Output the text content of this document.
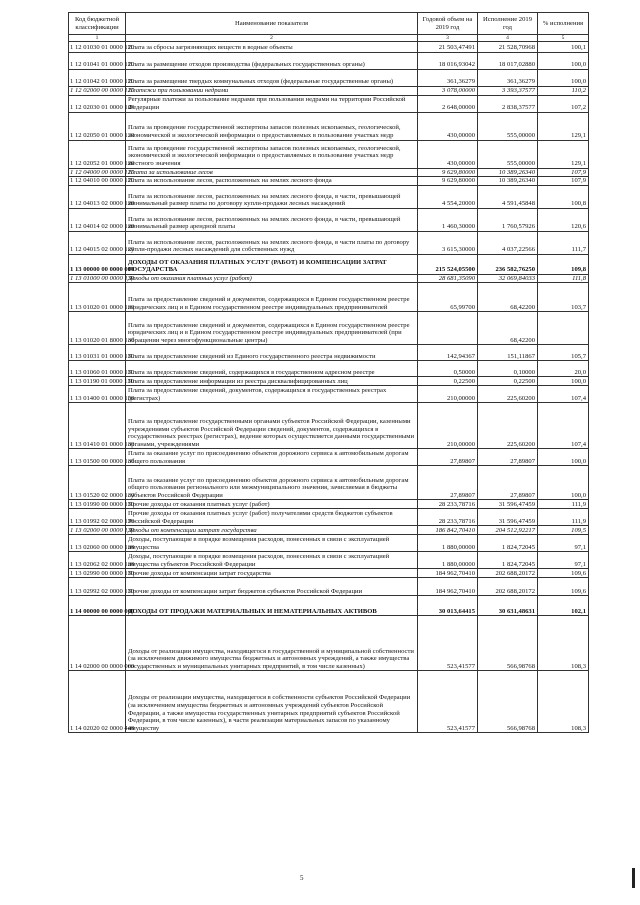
Код бюджетной классификации	Наименование показателя	Годовой объем на 2019 год	Исполнение 2019 год	% исполнения
1	2	3	4	5
1 12 01030 01 0000 120	Плата за сбросы загрязняющих веществ в водные объекты	21 503,47491	21 528,70968	100,1
1 12 01041 01 0000 120	Плата за размещение отходов производства (федеральных государственных органы)	18 016,93042	18 017,02880	100,0
1 12 01042 01 0000 120	Плата за размещение твердых коммунальных отходов (федеральные государственные органы)	361,36279	361,36279	100,0
1 12 02000 00 0000 120	Платежи при пользовании недрами	3 078,00000	3 393,37577	110,2
1 12 02030 01 0000 120	Регулярные платежи за пользование недрами при пользовании недрами на территории Российской Федерации	2 648,00000	2 838,37577	107,2
1 12 02050 01 0000 120	Плата за проведение государственной экспертизы запасов полезных ископаемых, геологической, экономической и экологической информации о предоставляемых в пользование участках недр	430,00000	555,00000	129,1
1 12 02052 01 0000 120	Плата за проведение государственной экспертизы запасов полезных ископаемых, геологической, экономической и экологической информации о предоставляемых в пользование участках недр местного значения	430,00000	555,00000	129,1
1 12 04000 00 0000 120	Плата за использование лесов	9 629,80000	10 389,26340	107,9
1 12 04010 00 0000 120	Плата за использование лесов, расположенных на землях лесного фонда	9 629,80000	10 389,26340	107,9
1 12 04013 02 0000 120	Плата за использование лесов, расположенных на землях лесного фонда, в части, превышающей минимальный размер платы по договору купли-продажи лесных насаждений	4 554,20000	4 591,45848	100,8
1 12 04014 02 0000 120	Плата за использование лесов, расположенных на землях лесного фонда, в части, превышающей минимальный размер арендной платы	1 460,30000	1 760,57926	120,6
1 12 04015 02 0000 120	Плата за использование лесов, расположенных на землях лесного фонда, в части платы по договору купли-продажи лесных насаждений для собственных нужд	3 615,30000	4 037,22566	111,7
1 13 00000 00 0000 000	ДОХОДЫ ОТ ОКАЗАНИЯ ПЛАТНЫХ УСЛУГ (РАБОТ) И КОМПЕНСАЦИИ ЗАТРАТ ГОСУДАРСТВА	215 524,05500	236 582,76250	109,8
1 13 01000 00 0000 130	Доходы от оказания платных услуг (работ)	28 681,35090	32 069,84033	111,8
1 13 01020 01 0000 130	Плата за предоставление сведений и документов, содержащихся в Едином государственном реестре юридических лиц и в Едином государственном реестре индивидуальных предпринимателей	65,99700	68,42200	103,7
1 13 01020 01 8000 130	Плата за предоставление сведений и документов, содержащихся в Едином государственном реестре юридических лиц и в Едином государственном реестре индивидуальных предпринимателей (при обращении через многофункциональные центры)		68,42200	
1 13 01031 01 0000 130	Плата за предоставление сведений из Единого государственного реестра недвижимости	142,94367	151,11867	105,7
1 13 01060 01 0000 130	Плата за предоставление сведений, содержащихся в государственном адресном реестре	0,50000	0,10000	20,0
1 13 01190 01 0000 130	Плата за предоставление информации из реестра дисквалифицированных лиц	0,22500	0,22500	100,0
1 13 01400 01 0000 130	Плата за предоставление сведений, документов, содержащихся в государственных реестрах (регистрах)	210,00000	225,60200	107,4
1 13 01410 01 0000 130	Плата за предоставление государственными органами субъектов Российской Федерации, казенными учреждениями субъектов Российской Федерации сведений, документов, содержащихся в государственных реестрах (регистрах), ведение которых осуществляется данными государственными органами, учреждениями	210,00000	225,60200	107,4
1 13 01500 00 0000 130	Плата за оказание услуг по присоединению объектов дорожного сервиса к автомобильным дорогам общего пользования	27,89807	27,89807	100,0
1 13 01520 02 0000 130	Плата за оказание услуг по присоединению объектов дорожного сервиса к автомобильным дорогам общего пользования регионального или межмуниципального значения, зачисляемая в бюджеты субъектов Российской Федерации	27,89807	27,89807	100,0
1 13 01990 00 0000 130	Прочие доходы от оказания платных услуг (работ)	28 233,78716	31 596,47459	111,9
1 13 01992 02 0000 130	Прочие доходы от оказания платных услуг (работ) получателями средств бюджетов субъектов Российской Федерации	28 233,78716	31 596,47459	111,9
1 13 02000 00 0000 130	Доходы от компенсации затрат государства	186 842,70410	204 512,92217	109,5
1 13 02060 00 0000 130	Доходы, поступающие в порядке возмещения расходов, понесенных в связи с эксплуатацией имущества	1 880,00000	1 824,72045	97,1
1 13 02062 02 0000 130	Доходы, поступающие в порядке возмещения расходов, понесенных в связи с эксплуатацией имущества субъектов Российской Федерации	1 880,00000	1 824,72045	97,1
1 13 02990 00 0000 130	Прочие доходы от компенсации затрат государства	184 962,70410	202 688,20172	109,6
1 13 02992 02 0000 130	Прочие доходы от компенсации затрат бюджетов субъектов Российской Федерации	184 962,70410	202 688,20172	109,6
1 14 00000 00 0000 000	ДОХОДЫ ОТ ПРОДАЖИ МАТЕРИАЛЬНЫХ И НЕМАТЕРИАЛЬНЫХ АКТИВОВ	30 013,64415	30 631,48631	102,1
1 14 02000 00 0000 000	Доходы от реализации имущества, находящегося в государственной и муниципальной собственности (за исключением движимого имущества бюджетных и автономных учреждений, а также имущества государственных и муниципальных унитарных предприятий, в том числе казенных)	523,41577	566,98768	108,3
1 14 02020 02 0000 440	Доходы от реализации имущества, находящегося в собственности субъектов Российской Федерации (за исключением имущества бюджетных и автономных учреждений субъектов Российской Федерации, а также имущества государственных унитарных предприятий субъектов Российской Федерации, в том числе казенных), в части реализации материальных запасов по указанному имуществу	523,41577	566,98768	108,3
5
